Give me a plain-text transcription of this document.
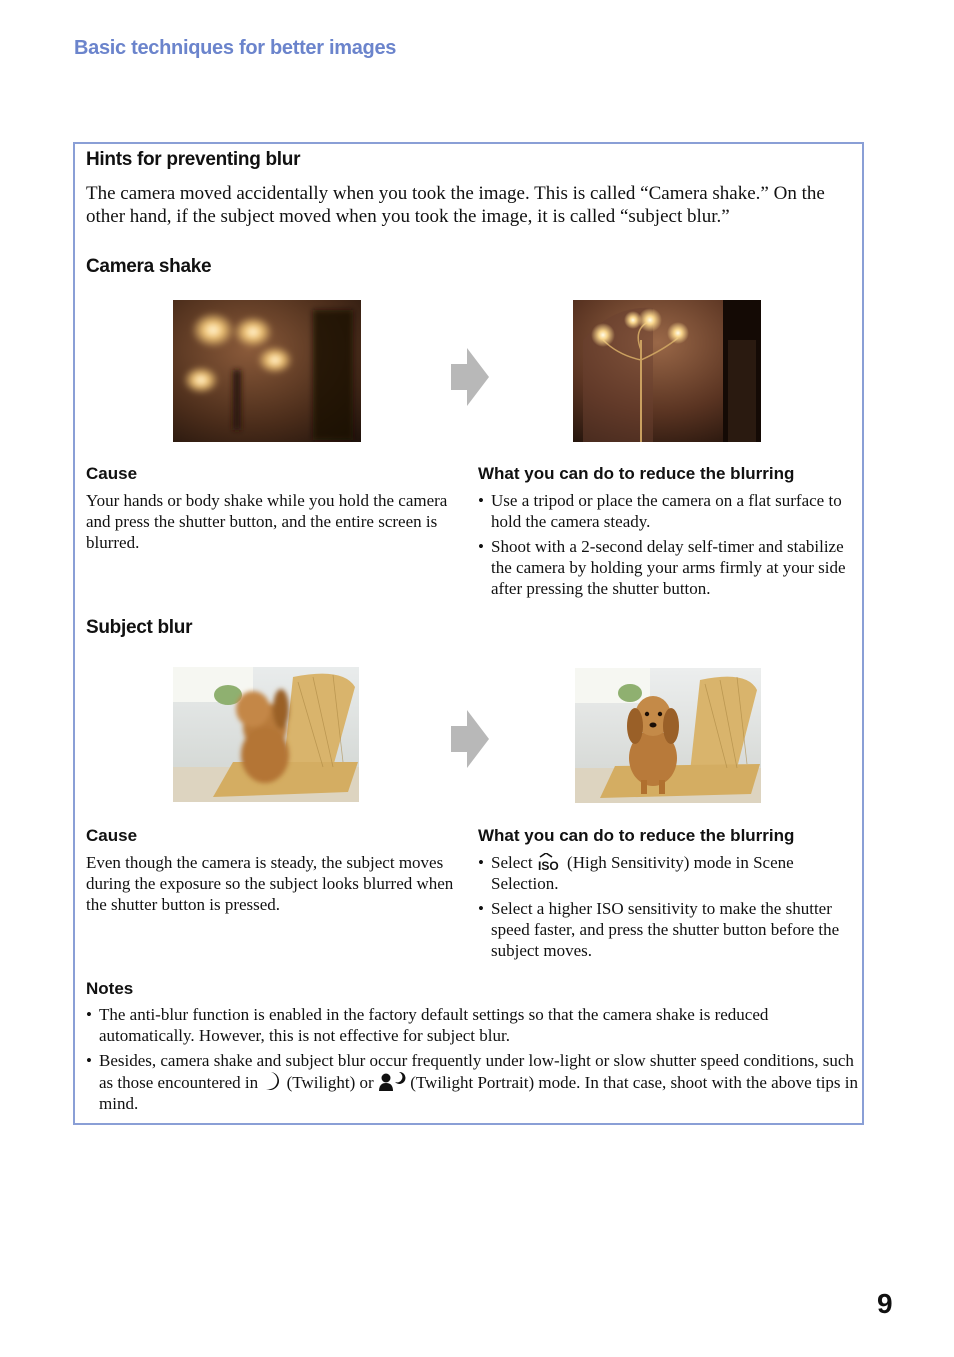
Basic techniques for better images
Hints for preventing blur
The camera moved accidentally when you took the image. This is called “Camera shake.” On the other hand, if the subject moved when you took the image, it is called “subject blur.”
Camera shake
Cause
Your hands or body shake while you hold the camera and press the shutter button, and the entire screen is blurred.
What you can do to reduce the blurring
• Use a tripod or place the camera on a flat surface to hold the camera steady.
• Shoot with a 2-second delay self-timer and stabilize the camera by holding your arms firmly at your side after pressing the shutter button.
Subject blur
Cause
Even though the camera is steady, the subject moves during the exposure so the subject looks blurred when the shutter button is pressed.
What you can do to reduce the blurring
• Select ISO (High Sensitivity) mode in Scene Selection.
• Select a higher ISO sensitivity to make the shutter speed faster, and press the shutter button before the subject moves.
Notes
• The anti-blur function is enabled in the factory default settings so that the camera shake is reduced automatically. However, this is not effective for subject blur.
• Besides, camera shake and subject blur occur frequently under low-light or slow shutter speed conditions, such as those encountered in  (Twilight) or  (Twilight Portrait) mode. In that case, shoot with the above tips in mind.
9
